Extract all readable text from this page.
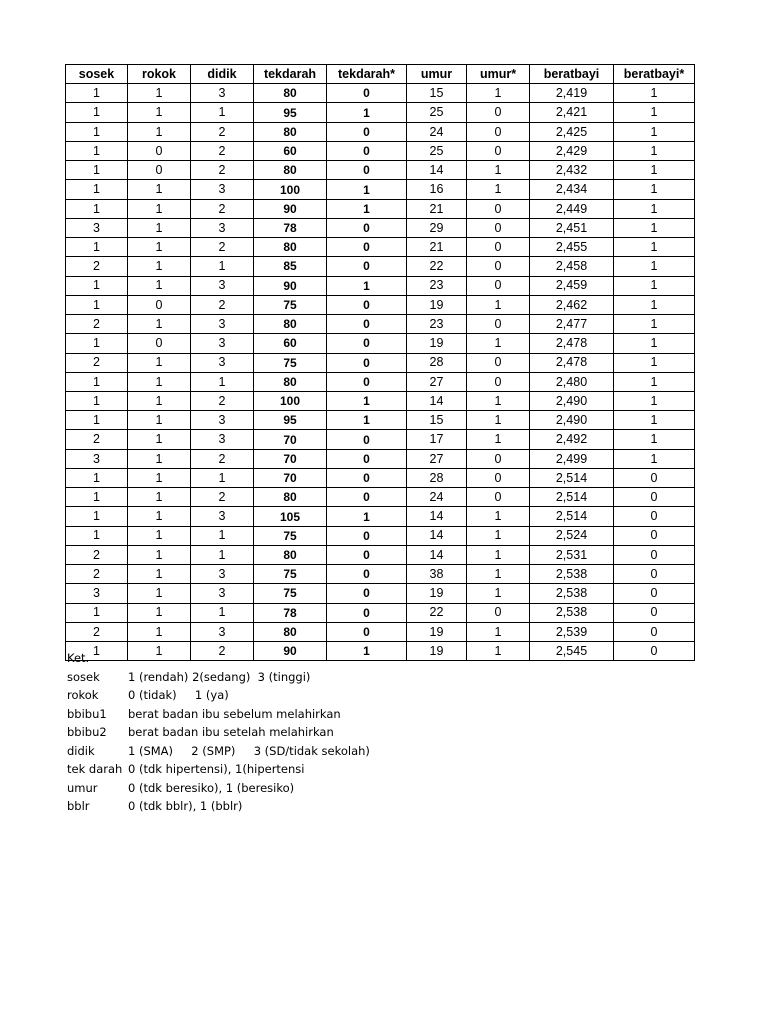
sosek	rokok	didik	tekdarah	tekdarah*	umur	umur*	beratbayi	beratbayi*
1	1	3	80	0	15	1	2,419	1
1	1	1	95	1	25	0	2,421	1
1	1	2	80	0	24	0	2,425	1
1	0	2	60	0	25	0	2,429	1
1	0	2	80	0	14	1	2,432	1
1	1	3	100	1	16	1	2,434	1
1	1	2	90	1	21	0	2,449	1
3	1	3	78	0	29	0	2,451	1
1	1	2	80	0	21	0	2,455	1
2	1	1	85	0	22	0	2,458	1
1	1	3	90	1	23	0	2,459	1
1	0	2	75	0	19	1	2,462	1
2	1	3	80	0	23	0	2,477	1
1	0	3	60	0	19	1	2,478	1
2	1	3	75	0	28	0	2,478	1
1	1	1	80	0	27	0	2,480	1
1	1	2	100	1	14	1	2,490	1
1	1	3	95	1	15	1	2,490	1
2	1	3	70	0	17	1	2,492	1
3	1	2	70	0	27	0	2,499	1
1	1	1	70	0	28	0	2,514	0
1	1	2	80	0	24	0	2,514	0
1	1	3	105	1	14	1	2,514	0
1	1	1	75	0	14	1	2,524	0
2	1	1	80	0	14	1	2,531	0
2	1	3	75	0	38	1	2,538	0
3	1	3	75	0	19	1	2,538	0
1	1	1	78	0	22	0	2,538	0
2	1	3	80	0	19	1	2,539	0
1	1	2	90	1	19	1	2,545	0
Ket.
sosek	1 (rendah) 2(sedang)  3 (tinggi)
rokok	0 (tidak)     1 (ya)
bbibu1	berat badan ibu sebelum melahirkan
bbibu2	berat badan ibu setelah melahirkan
didik	1 (SMA)     2 (SMP)     3 (SD/tidak sekolah)
tek darah 0 (tdk hipertensi), 1(hipertensi
umur	0 (tdk beresiko), 1 (beresiko)
bblr	0 (tdk bblr), 1 (bblr)
